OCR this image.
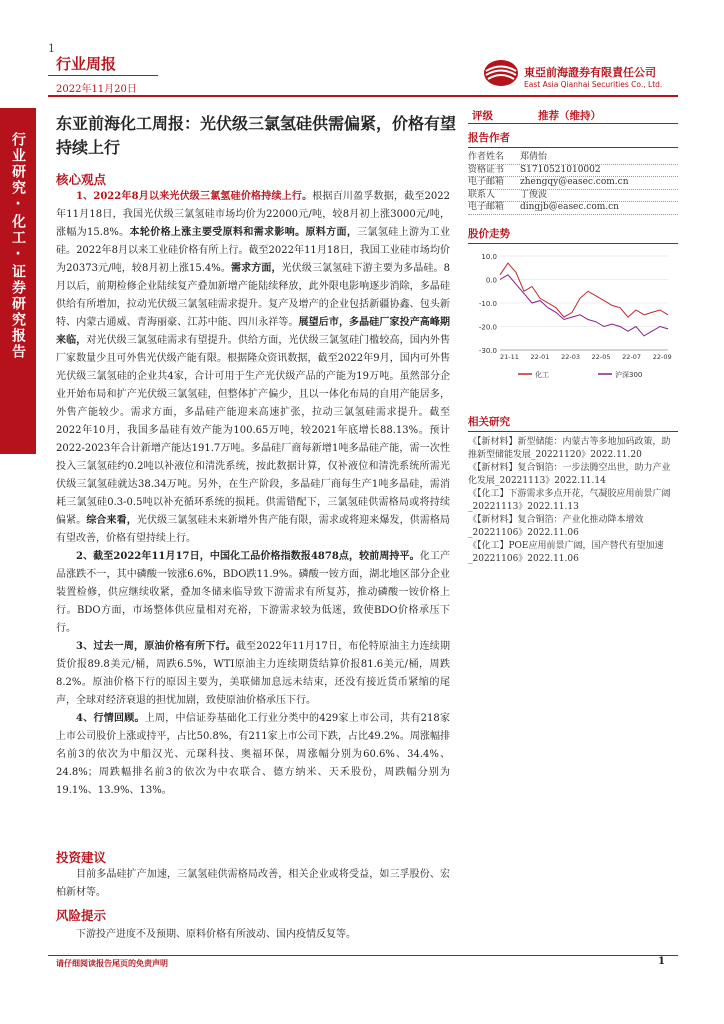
1
行业周报
2022年11月20日
東亞前海證券有限責任公司
East Asia Qianhai Securities Co., Ltd.
行业研究·化工·证券研究报告
东亚前海化工周报：光伏级三氯氢硅供需偏紧，价格有望持续上行
核心观点

1、2022年8月以来光伏级三氯氢硅价格持续上行。根据百川盈孚数据，截至2022年11月18日，我国光伏级三氯氢硅市场均价为22000元/吨，较8月初上涨3000元/吨，涨幅为15.8%。本轮价格上涨主要受原料和需求影响。原料方面，三氯氢硅上游为工业硅。2022年8月以来工业硅价格有所上行。截至2022年11月18日，我国工业硅市场均价为20373元/吨，较8月初上涨15.4%。需求方面，光伏级三氯氢硅下游主要为多晶硅。8月以后，前期检修企业陆续复产叠加新增产能陆续释放，此外限电影响逐步消除，多晶硅供给有所增加，拉动光伏级三氯氢硅需求提升。复产及增产的企业包括新疆协鑫、包头新特、内蒙古通威、青海丽豪、江苏中能、四川永祥等。展望后市，多晶硅厂家投产高峰期来临，对光伏级三氯氢硅需求有望提升。供给方面，光伏级三氯氢硅门槛较高，国内外售厂家数量少且可外售光伏级产能有限。根据隆众资讯数据，截至2022年9月，国内可外售光伏级三氯氢硅的企业共4家，合计可用于生产光伏级产品的产能为19万吨。虽然部分企业开始布局和扩产光伏级三氯氢硅，但整体扩产偏少，且以一体化布局的自用产能居多，外售产能较少。需求方面，多晶硅产能迎来高速扩张，拉动三氯氢硅需求提升。截至2022年10月，我国多晶硅有效产能为100.65万吨，较2021年底增长88.13%。预计2022-2023年合计新增产能达191.7万吨。多晶硅厂商每新增1吨多晶硅产能，需一次性投入三氯氢硅约0.2吨以补液位和清洗系统，按此数据计算，仅补液位和清洗系统所需光伏级三氯氢硅就达38.34万吨。另外，在生产阶段，多晶硅厂商每生产1吨多晶硅，需消耗三氯氢硅0.3-0.5吨以补充循环系统的损耗。供需错配下，三氯氢硅供需格局或将持续偏紧。综合来看，光伏级三氯氢硅未来新增外售产能有限，需求或将迎来爆发，供需格局有望改善，价格有望持续上行。

2、截至2022年11月17日，中国化工品价格指数报4878点，较前周持平。化工产品涨跌不一，其中磷酸一铵涨6.6%，BDO跌11.9%。磷酸一铵方面，湖北地区部分企业装置检修，供应继续收紧，叠加冬储来临导致下游需求有所复苏，推动磷酸一铵价格上行。BDO方面，市场整体供应量相对充裕，下游需求较为低迷，致使BDO价格承压下行。

3、过去一周，原油价格有所下行。截至2022年11月17日，布伦特原油主力连续期货价报89.8美元/桶，周跌6.5%，WTI原油主力连续期货结算价报81.6美元/桶，周跌8.2%。原油价格下行的原因主要为，美联储加息远未结束，还没有接近货币紧缩的尾声，全球对经济衰退的担忧加剧，致使原油价格承压下行。

4、行情回顾。上周，中信证券基础化工行业分类中的429家上市公司，共有218家上市公司股价上涨或持平，占比50.8%，有211家上市公司下跌，占比49.2%。周涨幅排名前3的依次为中船汉光、元琛科技、奥福环保，周涨幅分别为60.6%、34.4%、24.8%；周跌幅排名前3的依次为中农联合、德方纳米、天禾股份，周跌幅分别为19.1%、13.9%、13%。

投资建议

目前多晶硅扩产加速，三氯氢硅供需格局改善，相关企业或将受益，如三孚股份、宏柏新材等。

风险提示

下游投产进度不及预期、原料价格有所波动、国内疫情反复等。

评级	推荐（维持）
报告作者
作者姓名	郑倩怡
资格证书	S1710521010002
电子邮箱	zhengqy@easec.com.cn
联系人	丁俊波
电子邮箱	dingjb@easec.com.cn
股价走势
10.0
0.0
-10.0
-20.0
-30.0
21-11 22-01 22-03 22-05 22-07 22-09
化工	沪深300
相关研究
《【新材料】新型储能：内蒙古等多地加码政策，助推新型储能发展_20221120》2022.11.20
《【新材料】复合铜箔：一步法腾空出世，助力产业化发展_20221113》2022.11.14
《【化工】下游需求多点开花，气凝胶应用前景广阔_20221113》2022.11.13
《【新材料】复合铜箔：产业化推动降本增效_20221106》2022.11.06
《【化工】POE应用前景广阔，国产替代有望加速_20221106》2022.11.06
请仔细阅读报告尾页的免责声明	1
